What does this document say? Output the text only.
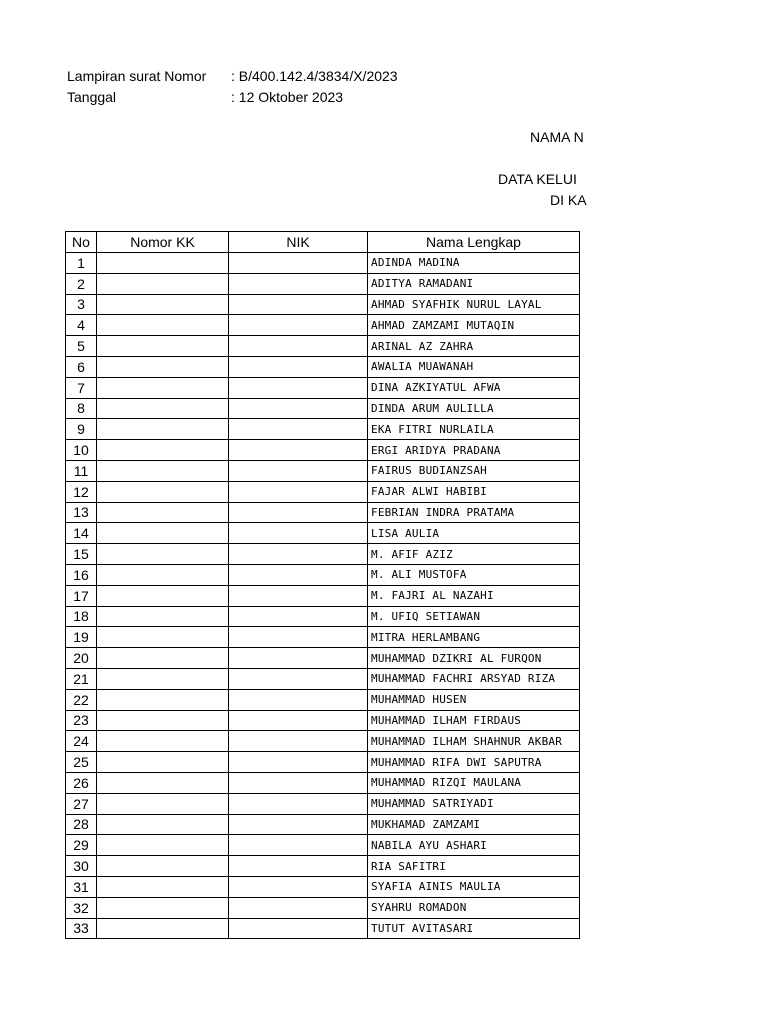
Lampiran surat Nomor	: B/400.142.4/3834/X/2023
Tanggal	: 12 Oktober 2023
NAMA N
DATA KELUI
DI KA
No	Nomor KK	NIK	Nama Lengkap
1			ADINDA MADINA
2			ADITYA RAMADANI
3			AHMAD SYAFHIK NURUL LAYAL
4			AHMAD ZAMZAMI MUTAQIN
5			ARINAL AZ ZAHRA
6			AWALIA MUAWANAH
7			DINA AZKIYATUL AFWA
8			DINDA ARUM AULILLA
9			EKA FITRI NURLAILA
10			ERGI ARIDYA PRADANA
11			FAIRUS BUDIANZSAH
12			FAJAR ALWI HABIBI
13			FEBRIAN INDRA PRATAMA
14			LISA AULIA
15			M. AFIF AZIZ
16			M. ALI MUSTOFA
17			M. FAJRI AL NAZAHI
18			M. UFIQ SETIAWAN
19			MITRA HERLAMBANG
20			MUHAMMAD DZIKRI AL FURQON
21			MUHAMMAD FACHRI ARSYAD RIZA
22			MUHAMMAD HUSEN
23			MUHAMMAD ILHAM FIRDAUS
24			MUHAMMAD ILHAM SHAHNUR AKBAR
25			MUHAMMAD RIFA DWI SAPUTRA
26			MUHAMMAD RIZQI MAULANA
27			MUHAMMAD SATRIYADI
28			MUKHAMAD ZAMZAMI
29			NABILA AYU ASHARI
30			RIA SAFITRI
31			SYAFIA AINIS MAULIA
32			SYAHRU ROMADON
33			TUTUT AVITASARI
